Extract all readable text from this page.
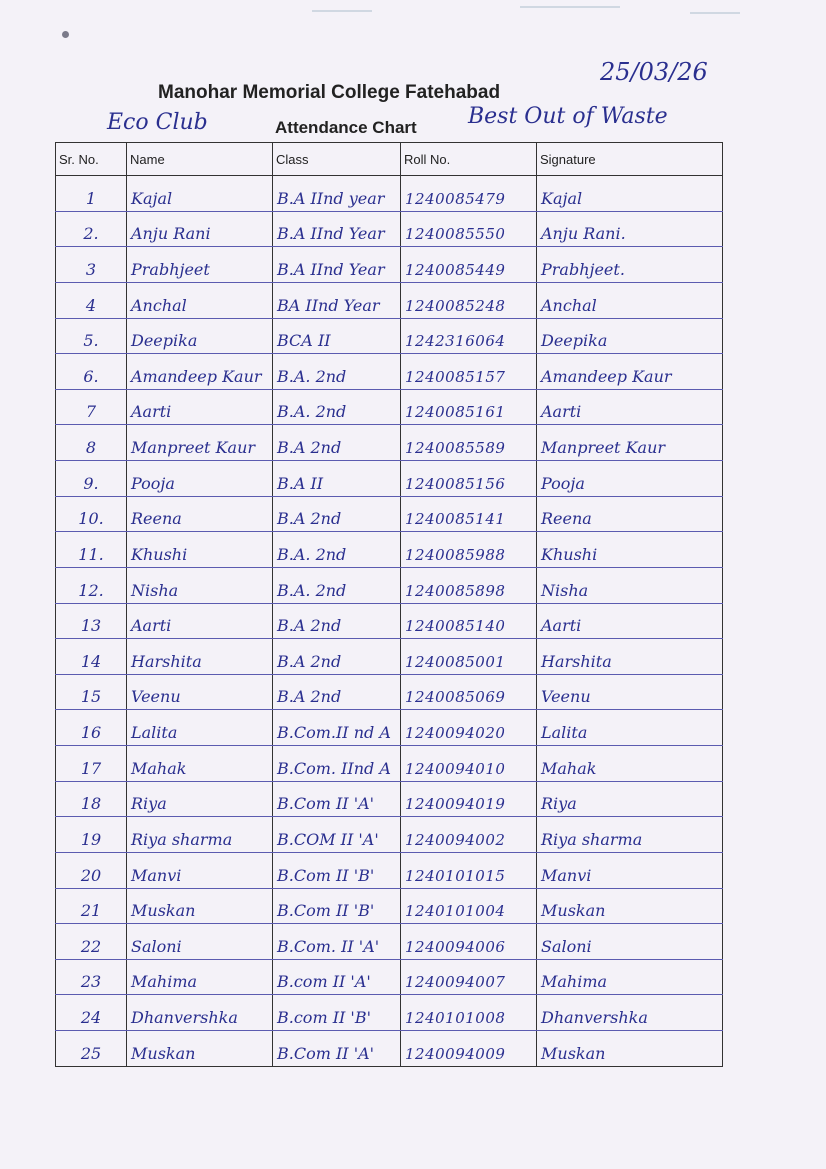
25/03/26
Manohar Memorial College Fatehabad
Eco Club	Attendance Chart Best Out of Waste
Sr. No.	Name	Class	Roll No.	Signature
1	Kajal	B.A IInd year	1240085479	Kajal
2.	Anju Rani	B.A IInd Year	1240085550	Anju Rani.
3	Prabhjeet	B.A IInd Year	1240085449	Prabhjeet.
4	Anchal	BA IInd Year	1240085248	Anchal
5.	Deepika	BCA II	1242316064	Deepika
6.	Amandeep Kaur	B.A. 2nd	1240085157	Amandeep Kaur
7	Aarti	B.A. 2nd	1240085161	Aarti
8	Manpreet Kaur	B.A 2nd	1240085589	Manpreet Kaur
9.	Pooja	B.A II	1240085156	Pooja
10.	Reena	B.A 2nd	1240085141	Reena
11.	Khushi	B.A. 2nd	1240085988	Khushi
12.	Nisha	B.A. 2nd	1240085898	Nisha
13	Aarti	B.A 2nd	1240085140	Aarti
14	Harshita	B.A 2nd	1240085001	Harshita
15	Veenu	B.A 2nd	1240085069	Veenu
16	Lalita	B.Com.II nd A	1240094020	Lalita
17	Mahak	B.Com. IInd A	1240094010	Mahak
18	Riya	B.Com II 'A'	1240094019	Riya
19	Riya sharma	B.COM II 'A'	1240094002	Riya sharma
20	Manvi	B.Com II 'B'	1240101015	Manvi
21	Muskan	B.Com II 'B'	1240101004	Muskan
22	Saloni	B.Com. II 'A'	1240094006	Saloni
23	Mahima	B.com II 'A'	1240094007	Mahima
24	Dhanvershka	B.com II 'B'	1240101008	Dhanvershka
25	Muskan	B.Com II 'A'	1240094009	Muskan
